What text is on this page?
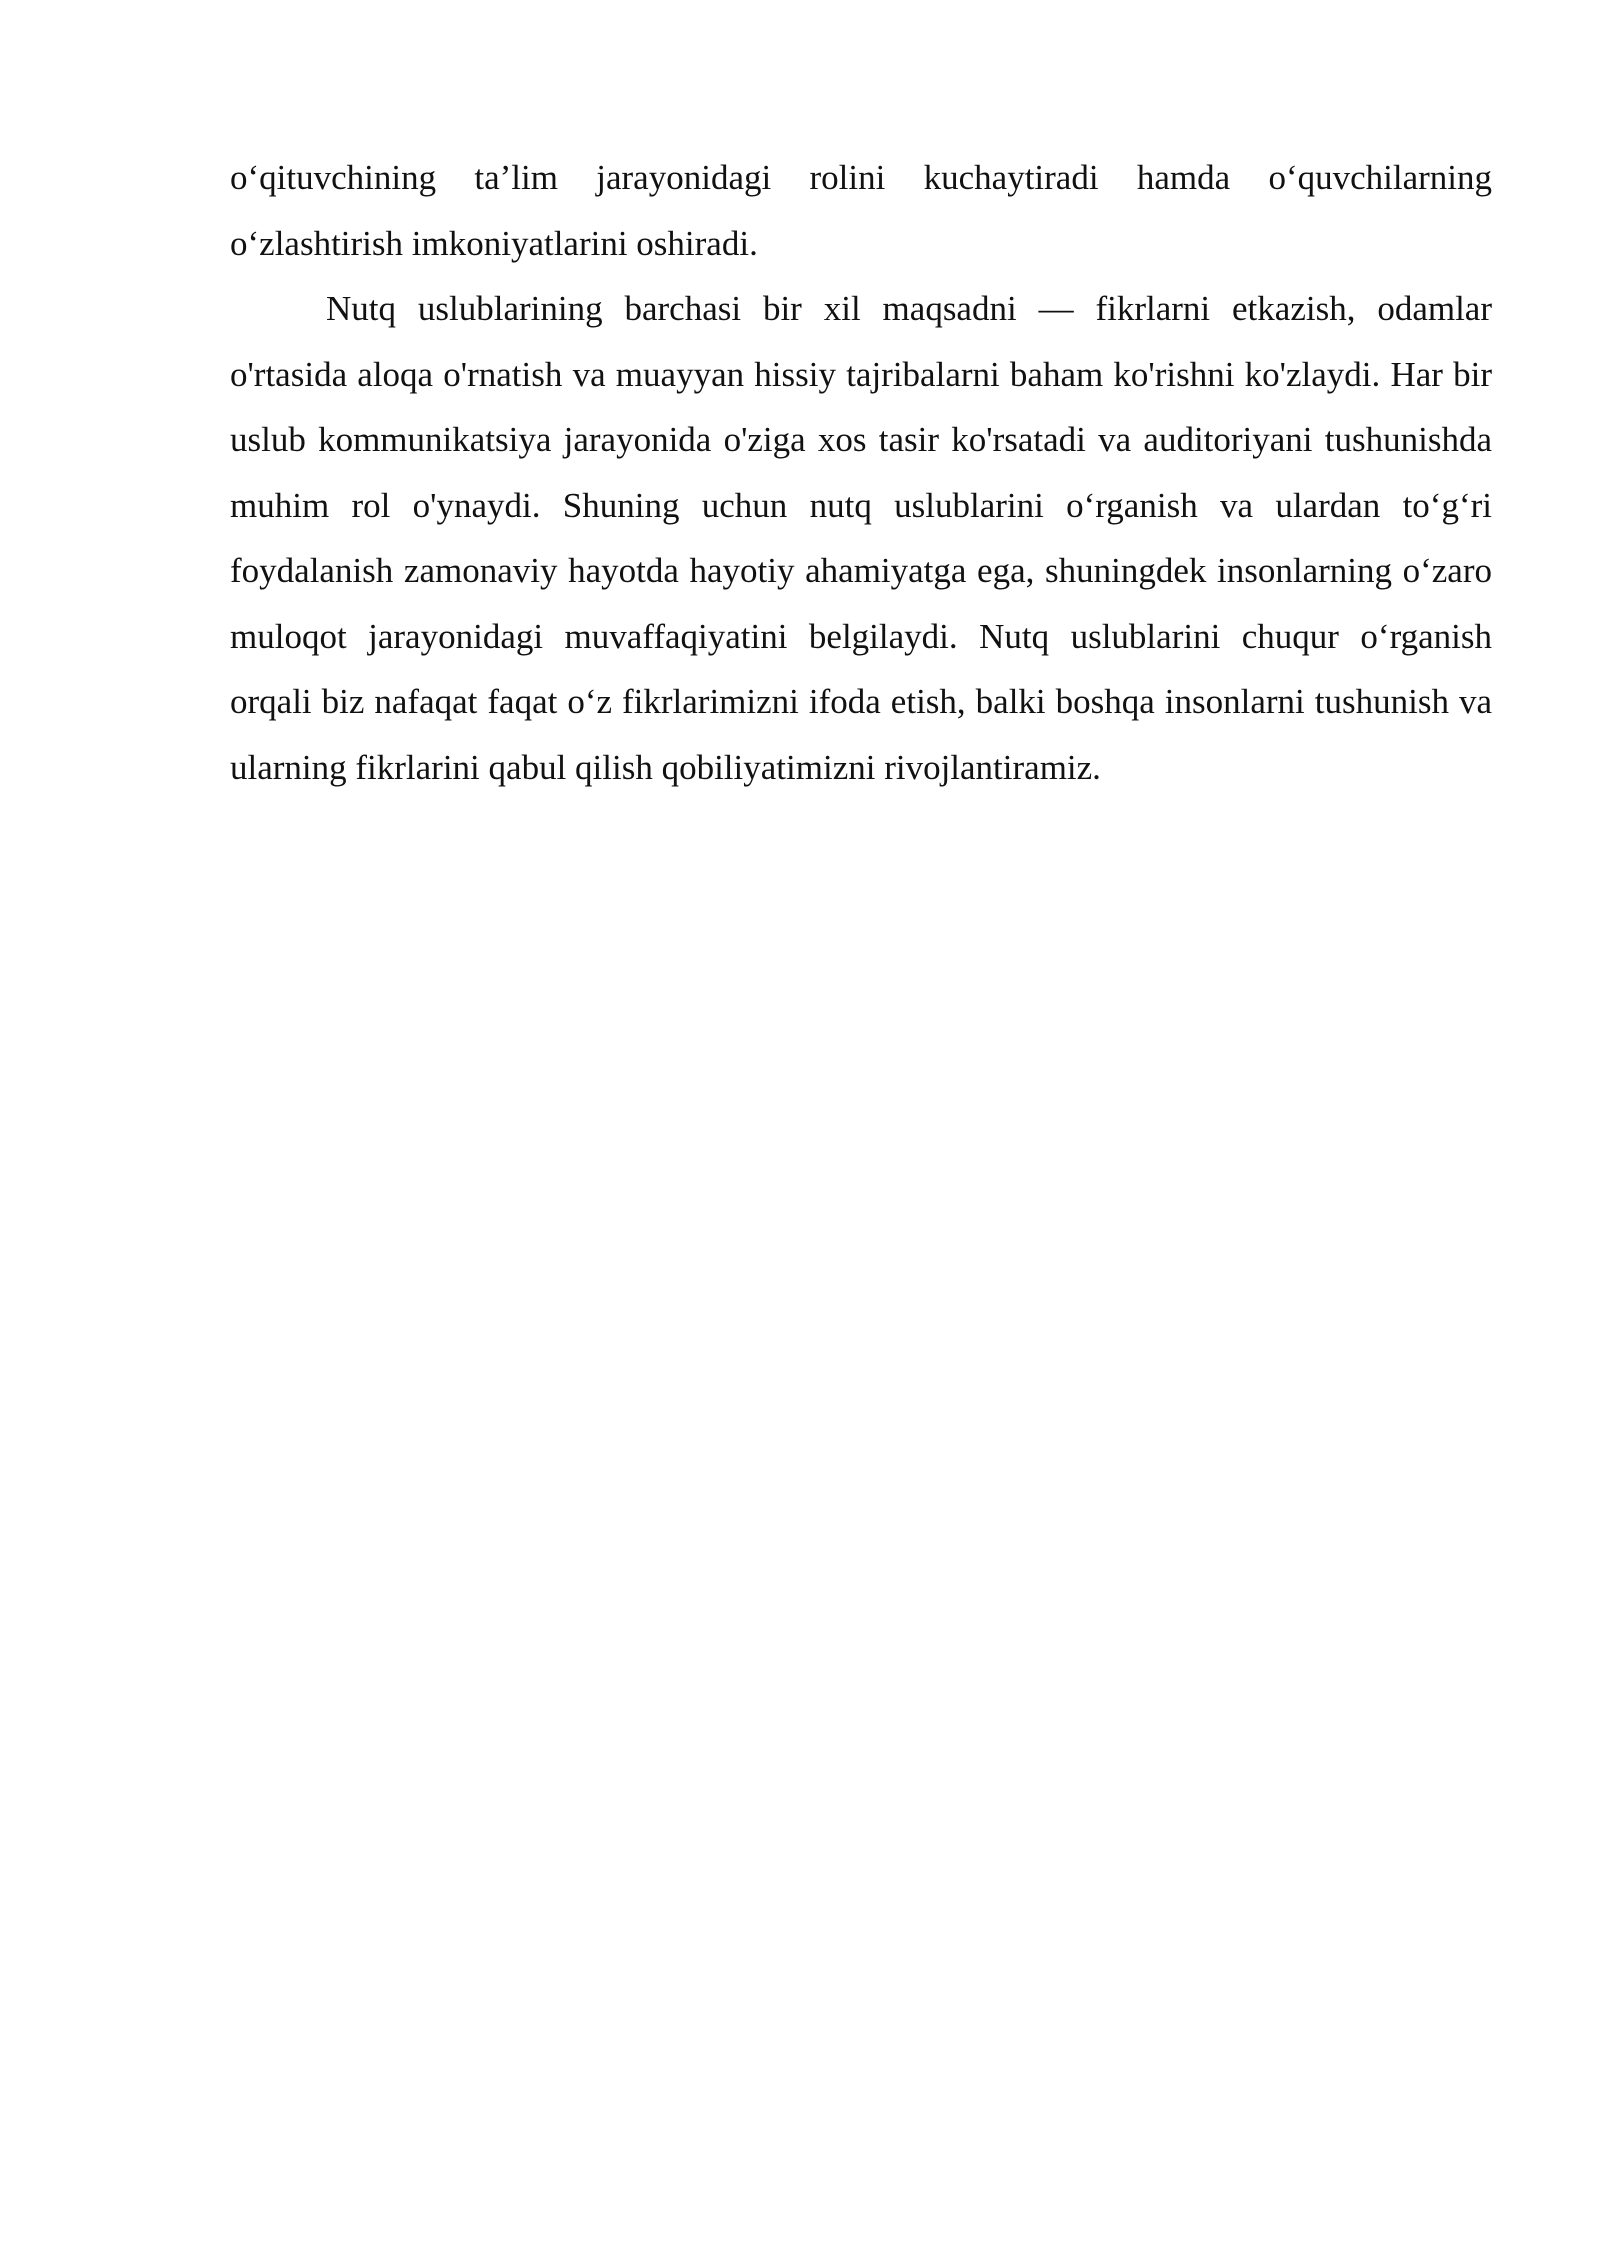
o‘qituvchining ta’lim jarayonidagi rolini kuchaytiradi hamda o‘quvchilarning o‘zlashtirish imkoniyatlarini oshiradi.

Nutq uslublarining barchasi bir xil maqsadni — fikrlarni etkazish, odamlar o'rtasida aloqa o'rnatish va muayyan hissiy tajribalarni baham ko'rishni ko'zlaydi. Har bir uslub kommunikatsiya jarayonida o'ziga xos tasir ko'rsatadi va auditoriyani tushunishda muhim rol o'ynaydi. Shuning uchun nutq uslublarini o‘rganish va ulardan to‘g‘ri foydalanish zamonaviy hayotda hayotiy ahamiyatga ega, shuningdek insonlarning o‘zaro muloqot jarayonidagi muvaffaqiyatini belgilaydi. Nutq uslublarini chuqur o‘rganish orqali biz nafaqat faqat o‘z fikrlarimizni ifoda etish, balki boshqa insonlarni tushunish va ularning fikrlarini qabul qilish qobiliyatimizni rivojlantiramiz.
